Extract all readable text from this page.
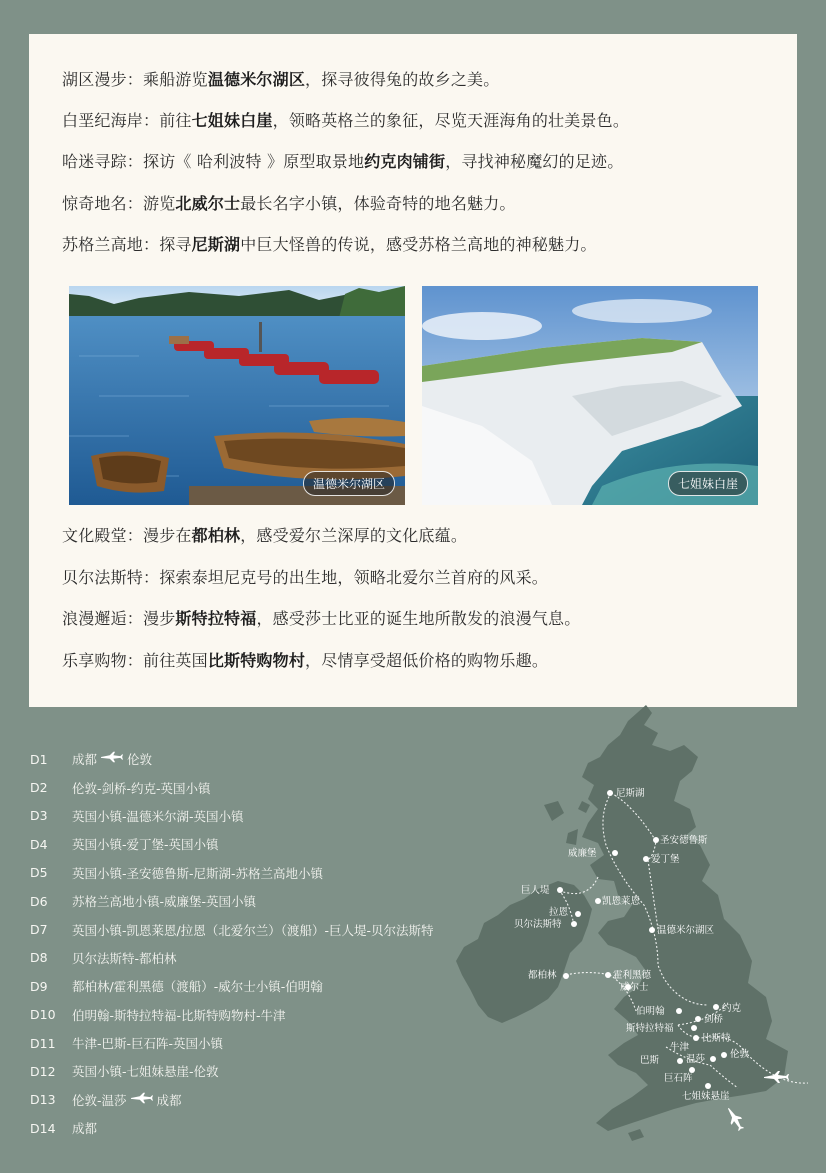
湖区漫步：乘船游览温德米尔湖区，探寻彼得兔的故乡之美。
白垩纪海岸：前往七姐妹白崖，领略英格兰的象征，尽览天涯海角的壮美景色。
哈迷寻踪：探访《 哈利波特 》原型取景地约克肉铺街，寻找神秘魔幻的足迹。
惊奇地名：游览北威尔士最长名字小镇，体验奇特的地名魅力。
苏格兰高地：探寻尼斯湖中巨大怪兽的传说，感受苏格兰高地的神秘魅力。
温德米尔湖区	七姐妹白崖
文化殿堂：漫步在都柏林，感受爱尔兰深厚的文化底蕴。
贝尔法斯特：探索泰坦尼克号的出生地，领略北爱尔兰首府的风采。
浪漫邂逅：漫步斯特拉特福，感受莎士比亚的诞生地所散发的浪漫气息。
乐享购物：前往英国比斯特购物村，尽情享受超低价格的购物乐趣。
D1	成都 伦敦
D2	伦敦-剑桥-约克-英国小镇
D3	英国小镇-温德米尔湖-英国小镇
D4	英国小镇-爱丁堡-英国小镇
D5	英国小镇-圣安德鲁斯-尼斯湖-苏格兰高地小镇
D6	苏格兰高地小镇-威廉堡-英国小镇
D7	英国小镇-凯恩莱恩/拉恩（北爱尔兰）（渡船）-巨人堤-贝尔法斯特
D8	贝尔法斯特-都柏林
D9	都柏林/霍利黑德（渡船）-威尔士小镇-伯明翰
D10	伯明翰-斯特拉特福-比斯特购物村-牛津
D11	牛津-巴斯-巨石阵-英国小镇
D12	英国小镇-七姐妹悬崖-伦敦
D13	伦敦-温莎 成都
D14	成都
尼斯湖
圣安德鲁斯
威廉堡
爱丁堡
巨人堤
凯恩莱恩
拉恩
贝尔法斯特
温德米尔湖区
都柏林	霍利黑德
威尔士
伯明翰	约克
剑桥
斯特拉特福
比斯特
牛津
温莎	伦敦
巴斯
巨石阵
七姐妹悬崖
